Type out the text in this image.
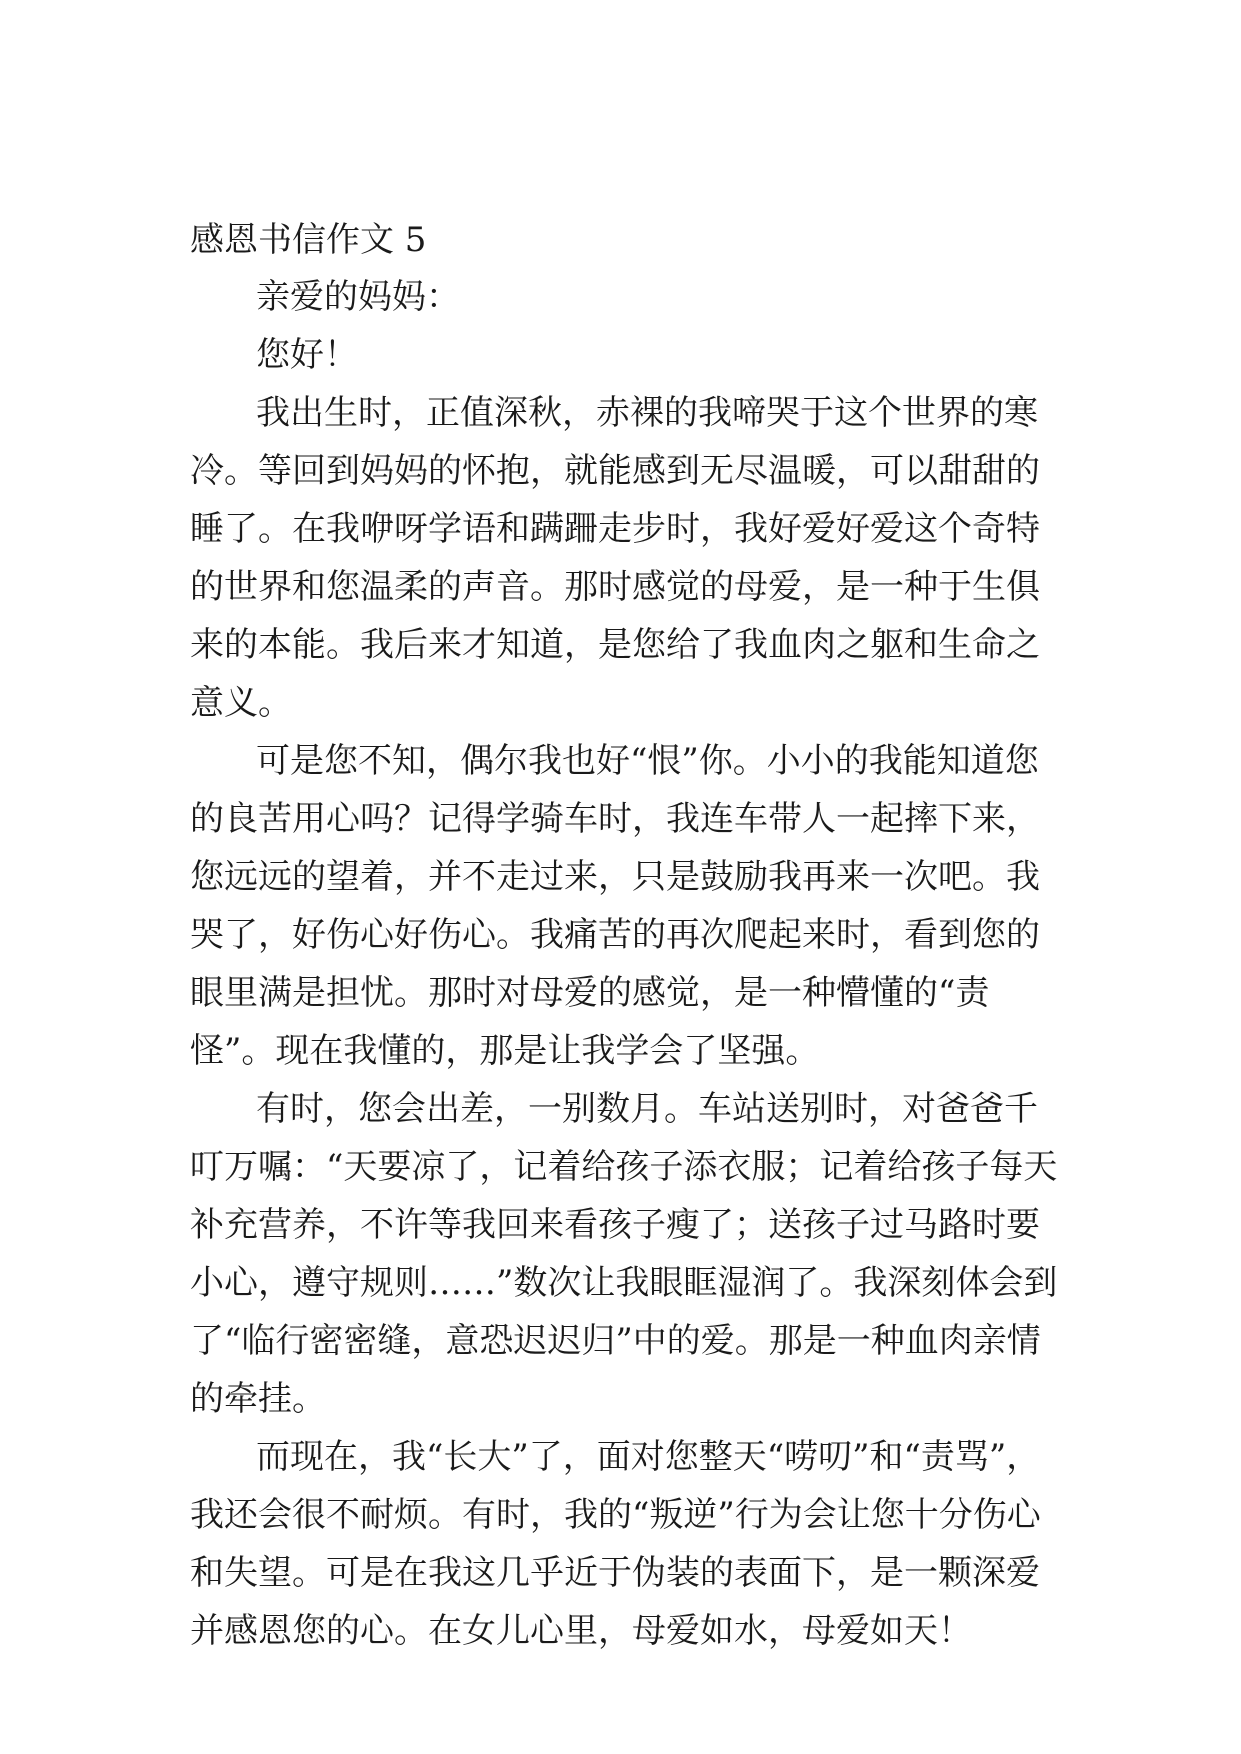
感恩书信作文 5

亲爱的妈妈：

您好！

我出生时，正值深秋，赤裸的我啼哭于这个世界的寒冷。等回到妈妈的怀抱，就能感到无尽温暖，可以甜甜的睡了。在我咿呀学语和蹒跚走步时，我好爱好爱这个奇特的世界和您温柔的声音。那时感觉的母爱，是一种于生俱来的本能。我后来才知道，是您给了我血肉之躯和生命之意义。

可是您不知，偶尔我也好“恨”你。小小的我能知道您的良苦用心吗？记得学骑车时，我连车带人一起摔下来，您远远的望着，并不走过来，只是鼓励我再来一次吧。我哭了，好伤心好伤心。我痛苦的再次爬起来时，看到您的眼里满是担忧。那时对母爱的感觉，是一种懵懂的“责怪”。现在我懂的，那是让我学会了坚强。

有时，您会出差，一别数月。车站送别时，对爸爸千叮万嘱：“天要凉了，记着给孩子添衣服；记着给孩子每天补充营养，不许等我回来看孩子瘦了；送孩子过马路时要小心，遵守规则……”数次让我眼眶湿润了。我深刻体会到了“临行密密缝，意恐迟迟归”中的爱。那是一种血肉亲情的牵挂。

而现在，我“长大”了，面对您整天“唠叨”和“责骂”，我还会很不耐烦。有时，我的“叛逆”行为会让您十分伤心和失望。可是在我这几乎近于伪装的表面下，是一颗深爱并感恩您的心。在女儿心里，母爱如水，母爱如天！
